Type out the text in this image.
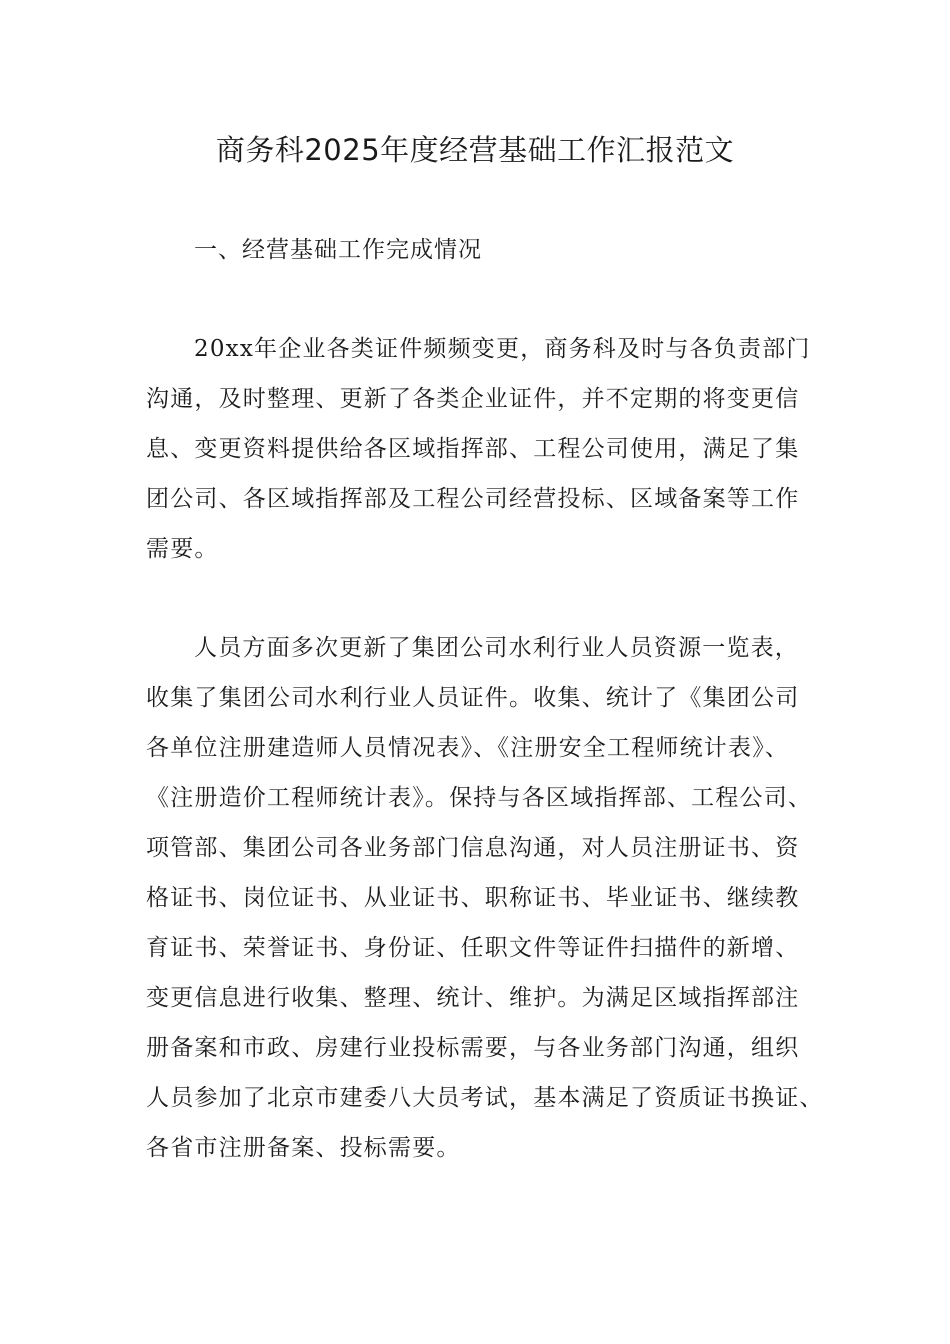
商务科2025年度经营基础工作汇报范文
一、经营基础工作完成情况

20xx年企业各类证件频频变更，商务科及时与各负责部门
沟通，及时整理、更新了各类企业证件，并不定期的将变更信
息、变更资料提供给各区域指挥部、工程公司使用，满足了集
团公司、各区域指挥部及工程公司经营投标、区域备案等工作
需要。

人员方面多次更新了集团公司水利行业人员资源一览表，
收集了集团公司水利行业人员证件。收集、统计了《集团公司
各单位注册建造师人员情况表》、《注册安全工程师统计表》、
《注册造价工程师统计表》。保持与各区域指挥部、工程公司、
项管部、集团公司各业务部门信息沟通，对人员注册证书、资
格证书、岗位证书、从业证书、职称证书、毕业证书、继续教
育证书、荣誉证书、身份证、任职文件等证件扫描件的新增、
变更信息进行收集、整理、统计、维护。为满足区域指挥部注
册备案和市政、房建行业投标需要，与各业务部门沟通，组织
人员参加了北京市建委八大员考试，基本满足了资质证书换证、
各省市注册备案、投标需要。
